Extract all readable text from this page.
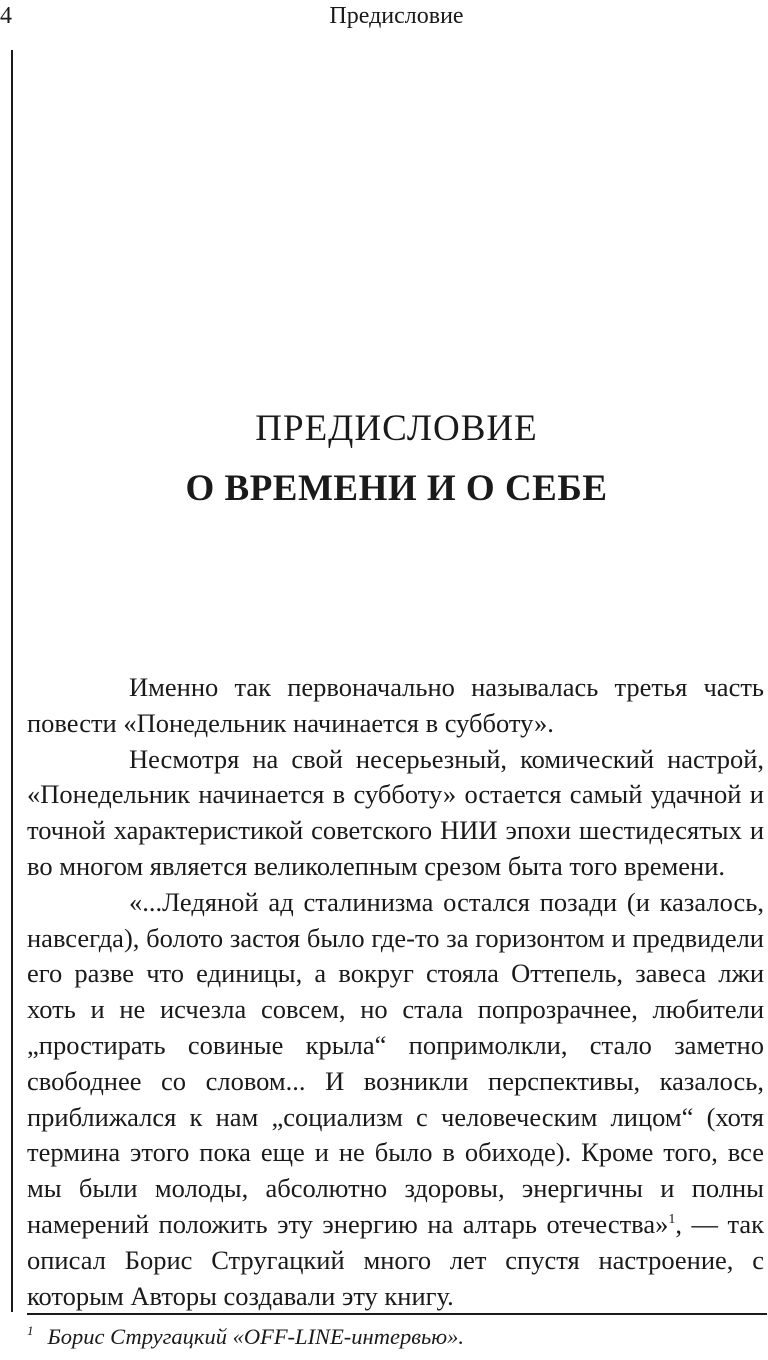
4	Предисловие
ПРЕДИСЛОВИЕ
О ВРЕМЕНИ И О СЕБЕ

Именно так первоначально называлась третья часть повести «Понедельник начинается в субботу».

Несмотря на свой несерьезный, комический настрой, «Понедельник начинается в субботу» остается самый удачной и точной характеристикой советского НИИ эпохи шестидесятых и во многом является великолепным срезом быта того времени.

«...Ледяной ад сталинизма остался позади (и казалось, навсегда), болото застоя было где-то за горизонтом и предвидели его разве что единицы, а вокруг стояла Оттепель, завеса лжи хоть и не исчезла совсем, но стала попрозрачнее, любители „простирать совиные крыла“ попримолкли, стало заметно свободнее со словом... И возникли перспективы, казалось, приближался к нам „социализм с человеческим лицом“ (хотя термина этого пока еще и не было в обиходе). Кроме того, все мы были молоды, абсолютно здоровы, энергичны и полны намерений положить эту энергию на алтарь отечества»$^1$, — так описал Борис Стругацкий много лет спустя настроение, с которым Авторы создавали эту книгу.

$^1$ Борис Стругацкий «OFF-LINE-интервью».
